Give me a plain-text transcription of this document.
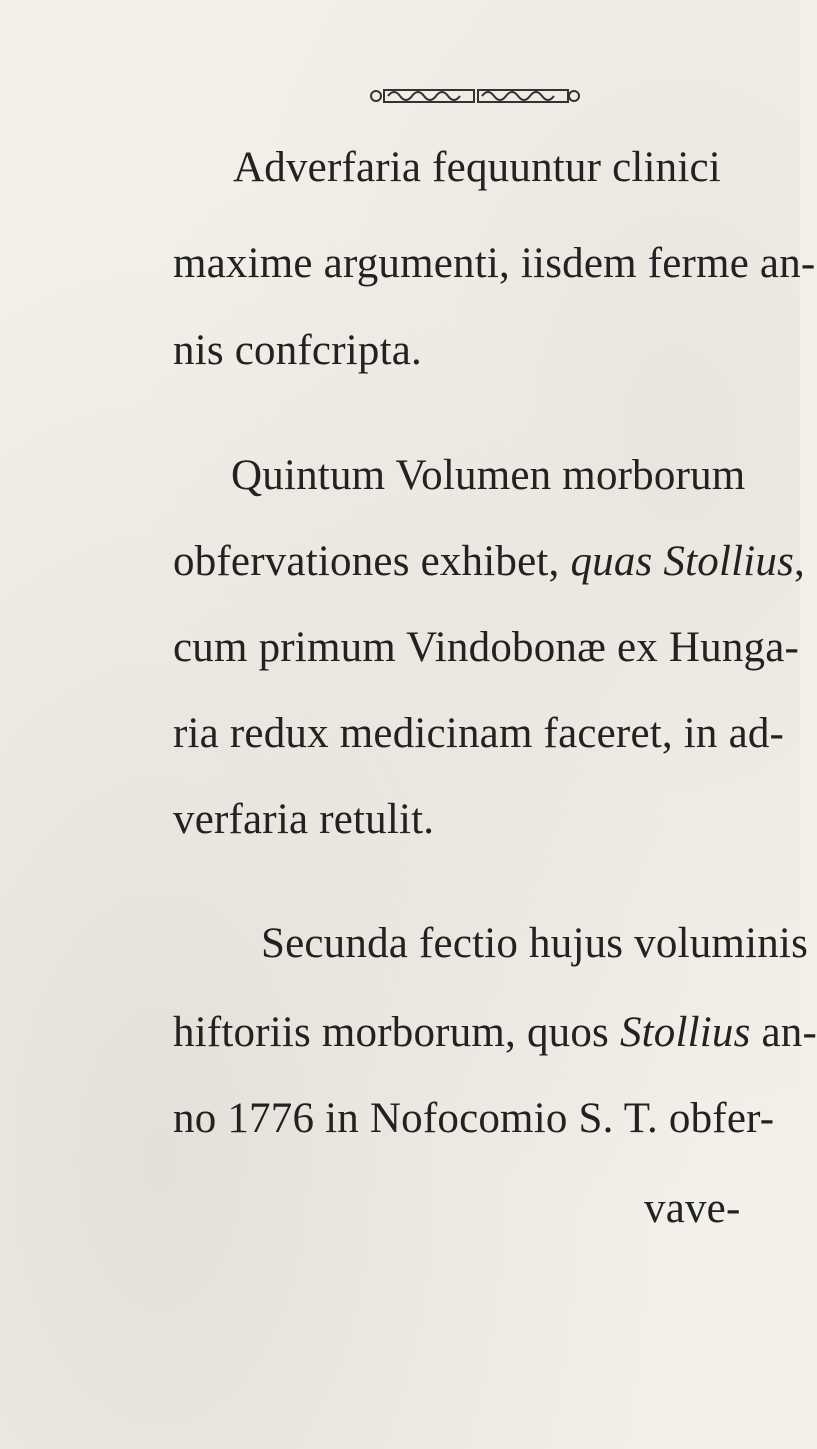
Adverfaria fequuntur clinici
maxime argumenti, iisdem ferme an-
nis confcripta.
Quintum Volumen morborum
obfervationes exhibet, quas Stollius,
cum primum Vindobonæ ex Hunga-
ria redux medicinam faceret, in ad-
verfaria retulit.
Secunda fectio hujus voluminis
hiftoriis morborum, quos Stollius an-
no 1776 in Nofocomio S. T. obfer-
vave-
